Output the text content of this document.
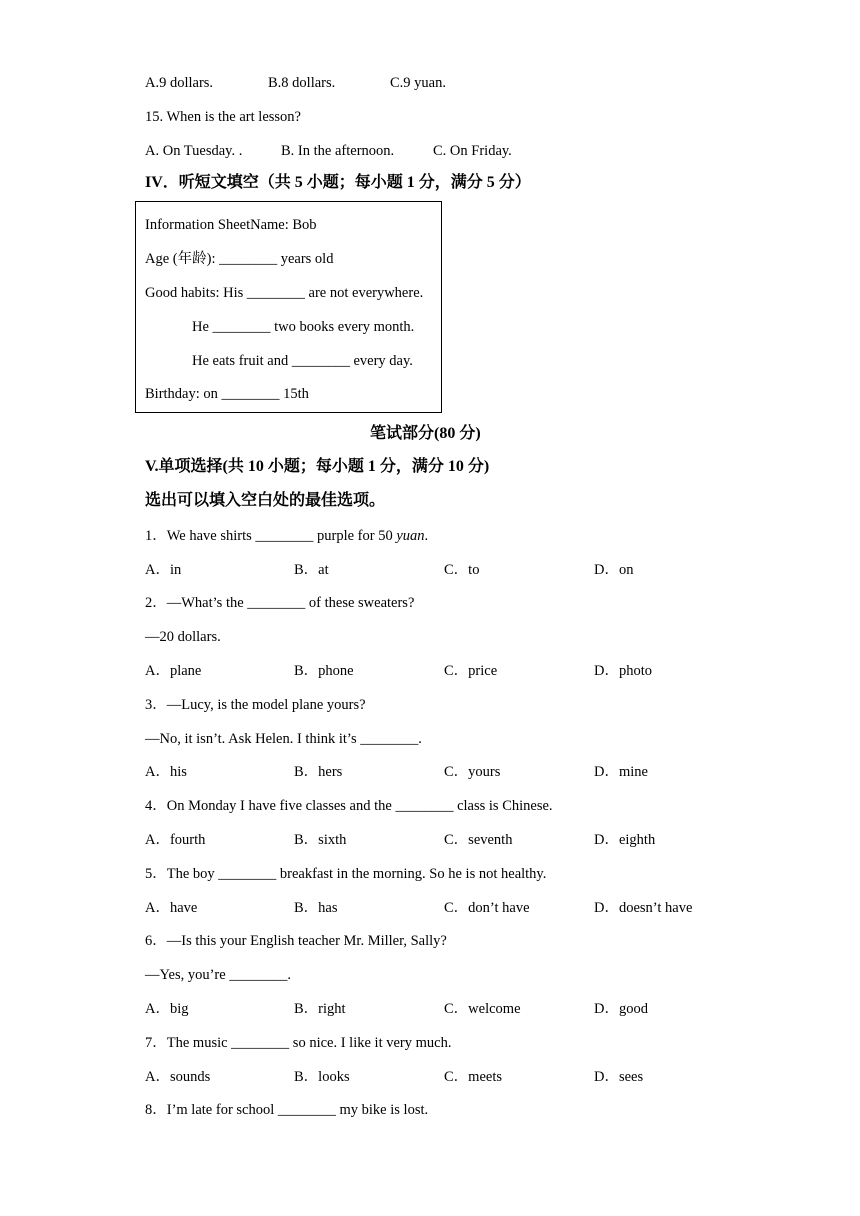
A.9 dollars.	B.8 dollars.	C.9 yuan.
15. When is the art lesson?
A. On Tuesday. .	B. In the afternoon.	C. On Friday.
IV．听短文填空（共 5 小题；每小题 1 分，满分 5 分）
Information SheetName: Bob
Age (年龄): ________ years old
Good habits: His ________ are not everywhere.
He ________ two books every month.
He eats fruit and ________ every day.
Birthday: on ________ 15th
笔试部分(80 分)
V.单项选择(共 10 小题；每小题 1 分，满分 10 分)
选出可以填入空白处的最佳选项。
1．We have shirts ________ purple for 50 yuan.
A．in	B．at	C．to	D．on
2．—What’s the ________ of these sweaters?
—20 dollars.
A．plane	B．phone	C．price	D．photo
3．—Lucy, is the model plane yours?
—No, it isn’t. Ask Helen. I think it’s ________.
A．his	B．hers	C．yours	D．mine
4．On Monday I have five classes and the ________ class is Chinese.
A．fourth	B．sixth	C．seventh	D．eighth
5．The boy ________ breakfast in the morning. So he is not healthy.
A．have	B．has	C．don’t have	D．doesn’t have
6．—Is this your English teacher Mr. Miller, Sally?
—Yes, you’re ________.
A．big	B．right	C．welcome	D．good
7．The music ________ so nice. I like it very much.
A．sounds	B．looks	C．meets	D．sees
8．I’m late for school ________ my bike is lost.
